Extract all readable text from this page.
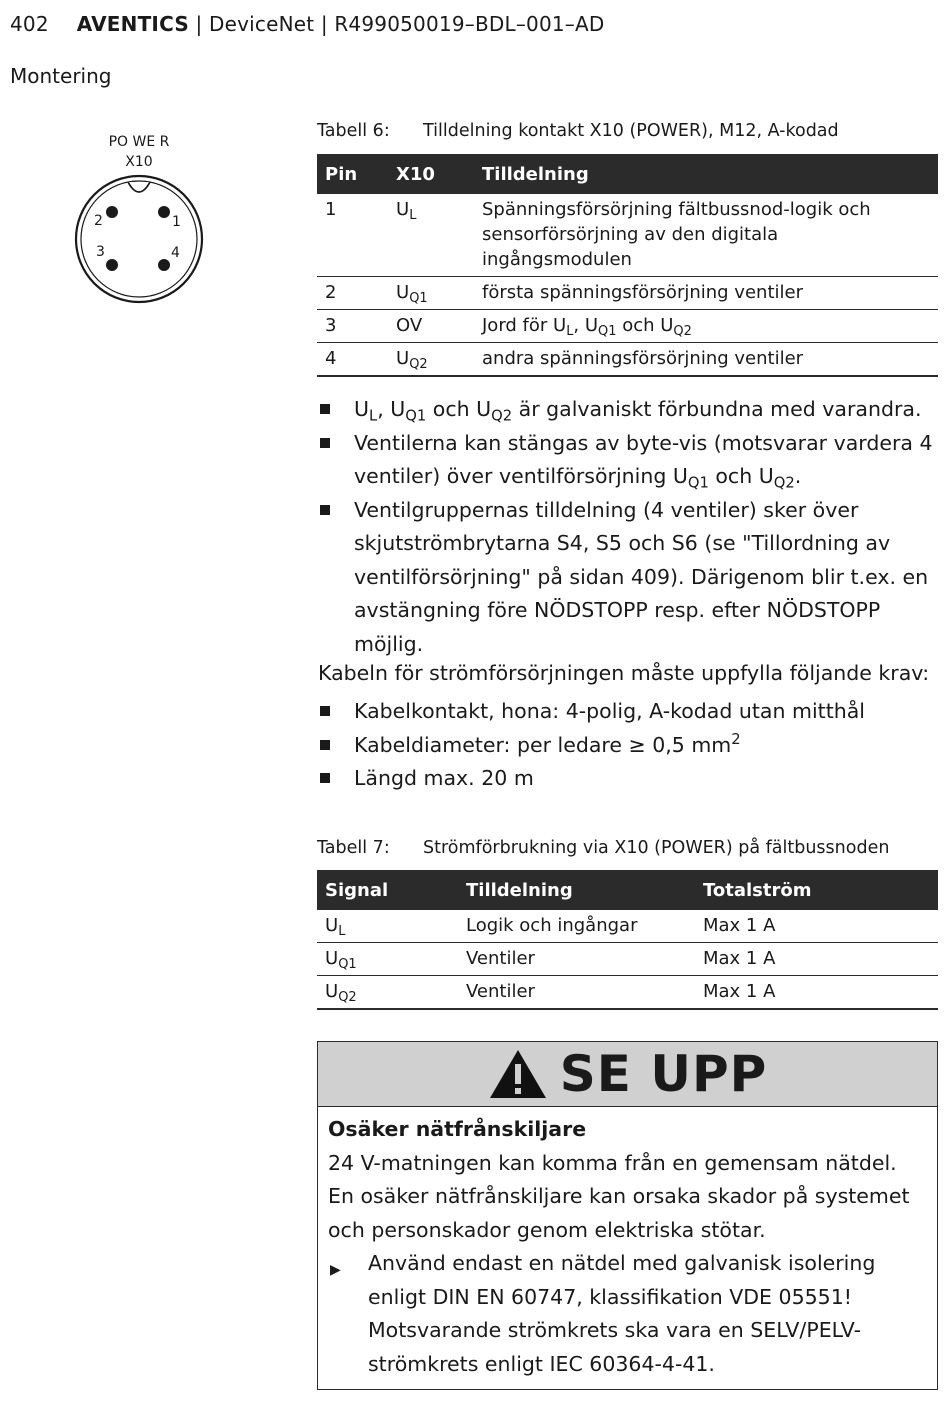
402 AVENTICS | DeviceNet | R499050019–BDL–001–AD
Montering
PO WE R
X10
2	1
3	4
Tabell 6: Tilldelning kontakt X10 (POWER), M12, A-kodad
Pin	X10	Tilldelning
1	$U_L$	Spänningsförsörjning fältbussnod-logik och
sensorförsörjning av den digitala ingångsmodulen
2	$U_{Q1}$	första spänningsförsörjning ventiler
3	OV	Jord för $U_L$, $U_{Q1}$ och $U_{Q2}$
4	$U_{Q2}$	andra spänningsförsörjning ventiler
$U_L$, $U_{Q1}$ och $U_{Q2}$ är galvaniskt förbundna med varandra.
Ventilerna kan stängas av byte-vis (motsvarar vardera 4 ventiler) över ventilförsörjning $U_{Q1}$ och $U_{Q2}$.
Ventilgruppernas tilldelning (4 ventiler) sker över skjutströmbrytarna S4, S5 och S6 (se "Tillordning av ventilförsörjning" på sidan 409). Därigenom blir t.ex. en avstängning före NÖDSTOPP resp. efter NÖDSTOPP möjlig.
Kabeln för strömförsörjningen måste uppfylla följande krav:
Kabelkontakt, hona: 4-polig, A-kodad utan mitthål
Kabeldiameter: per ledare ≥ 0,5 $mm^2$
Längd max. 20 m
Tabell 7: Strömförbrukning via X10 (POWER) på fältbussnoden
Signal	Tilldelning	Totalström
$U_L$	Logik och ingångar	Max 1 A
$U_{Q1}$	Ventiler	Max 1 A
$U_{Q2}$	Ventiler	Max 1 A
SE UPP
Osäker nätfrånskiljare
24 V-matningen kan komma från en gemensam nätdel. En osäker nätfrånskiljare kan orsaka skador på systemet och personskador genom elektriska stötar.
▶ Använd endast en nätdel med galvanisk isolering enligt DIN EN 60747, klassifikation VDE 05551! Motsvarande strömkrets ska vara en SELV/PELV-strömkrets enligt IEC 60364-4-41.
